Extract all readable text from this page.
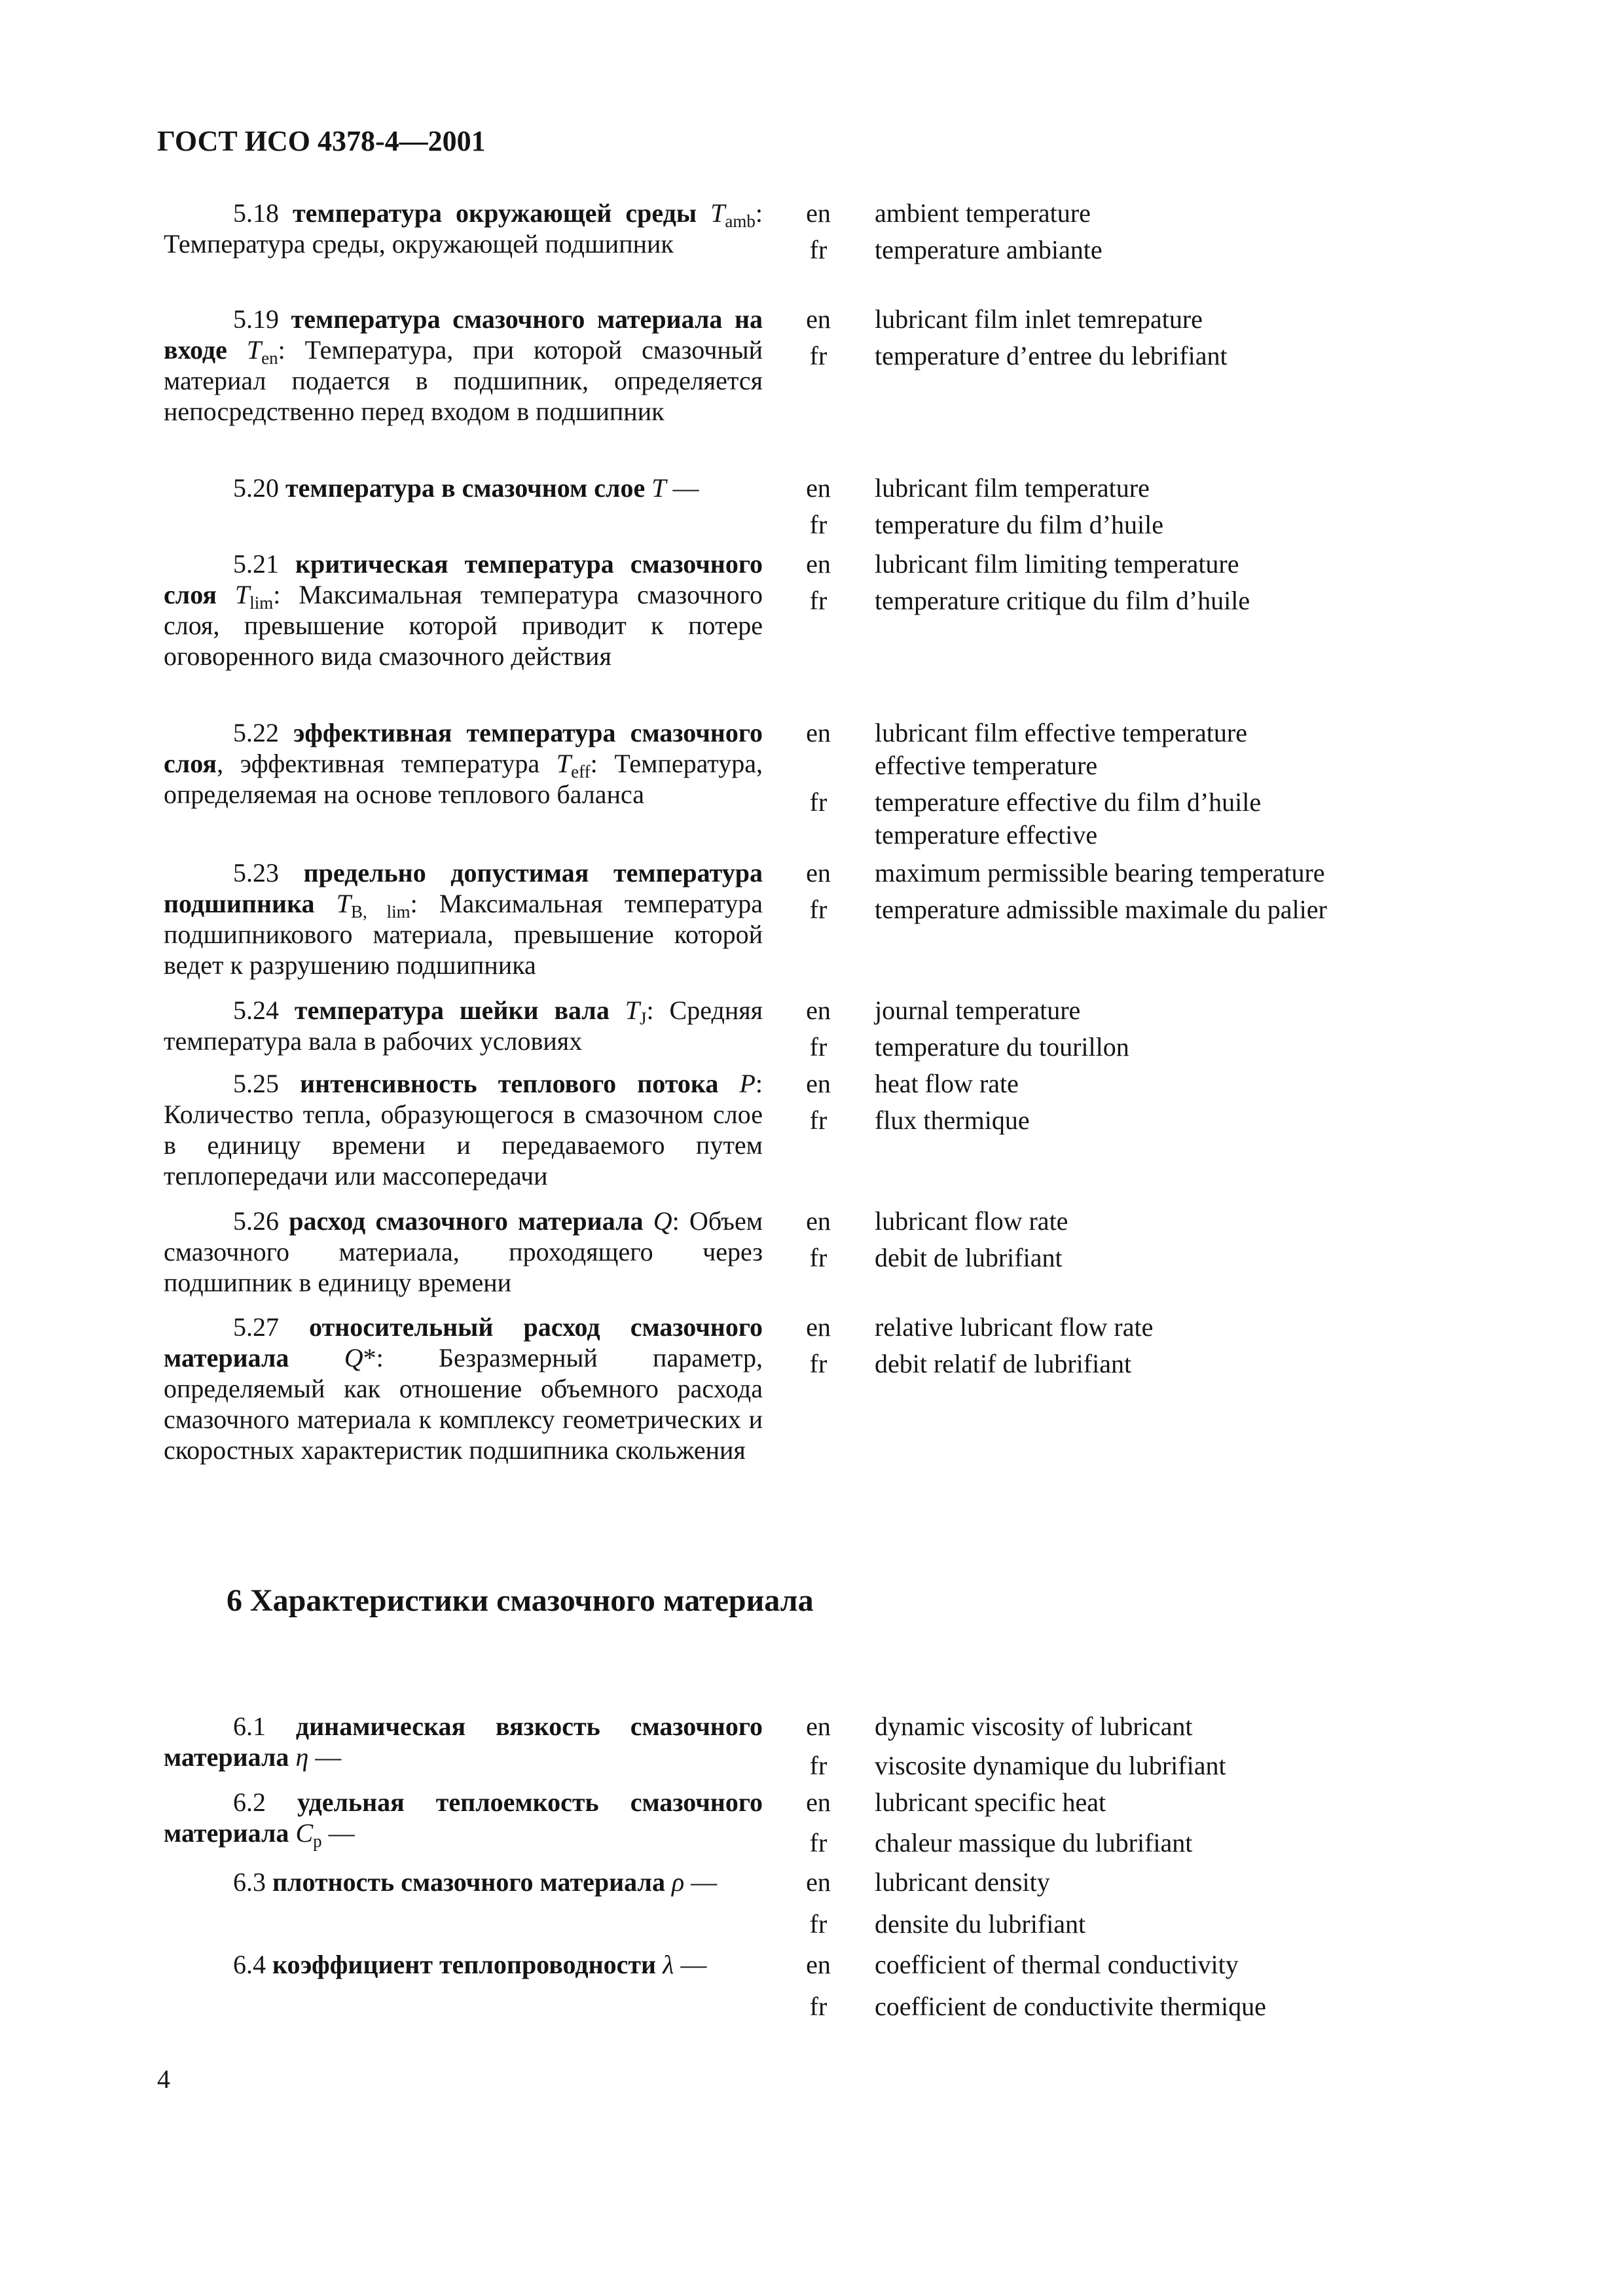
ГОСТ ИСО 4378-4—2001
5.18 температура окружающей среды $T_{amb}$: Температура среды, окружающей подшипник
en	ambient temperature
fr	temperature ambiante
5.19 температура смазочного материала на входе $T_{en}$: Температура, при которой смазочный материал подается в подшипник, определяется непосредственно перед входом в подшипник
en	lubricant film inlet temrepature
fr	temperature d’entree du lebrifiant
5.20 температура в смазочном слое T —	en	lubricant film temperature
fr	temperature du film d’huile
5.21 критическая температура смазочного слоя $T_{lim}$: Максимальная температура смазочного слоя, превышение которой приводит к потере оговоренного вида смазочного действия
en	lubricant film limiting temperature
fr	temperature critique du film d’huile
5.22 эффективная температура смазочного слоя, эффективная температура $T_{eff}$: Температура, определяемая на основе теплового баланса
en	lubricant film effective temperature
effective temperature
fr	temperature effective du film d’huile
temperature effective
5.23 предельно допустимая температура подшипника $T_{B, lim}$: Максимальная температура подшипникового материала, превышение которой ведет к разрушению подшипника
en	maximum permissible bearing temperature
fr	temperature admissible maximale du palier
5.24 температура шейки вала $T_J$: Средняя температура вала в рабочих условиях
en	journal temperature
fr	temperature du tourillon
5.25 интенсивность теплового потока P: Количество тепла, образующегося в смазочном слое в единицу времени и передаваемого путем теплопередачи или массопередачи
en	heat flow rate
fr	flux thermique
5.26 расход смазочного материала Q: Объем смазочного материала, проходящего через подшипник в единицу времени
en	lubricant flow rate
fr	debit de lubrifiant
5.27 относительный расход смазочного материала Q*: Безразмерный параметр, определяемый как отношение объемного расхода смазочного материала к комплексу геометрических и скоростных характеристик подшипника скольжения
en	relative lubricant flow rate
fr	debit relatif de lubrifiant
6 Характеристики смазочного материала
6.1 динамическая вязкость смазочного материала η —
en	dynamic viscosity of lubricant
fr	viscosite dynamique du lubrifiant
6.2 удельная теплоемкость смазочного материала $C_p$ —
en	lubricant specific heat
fr	chaleur massique du lubrifiant
6.3 плотность смазочного материала ρ —	en	lubricant density
fr	densite du lubrifiant
6.4 коэффициент теплопроводности λ —	en	coefficient of thermal conductivity
fr	coefficient de conductivite thermique
4
